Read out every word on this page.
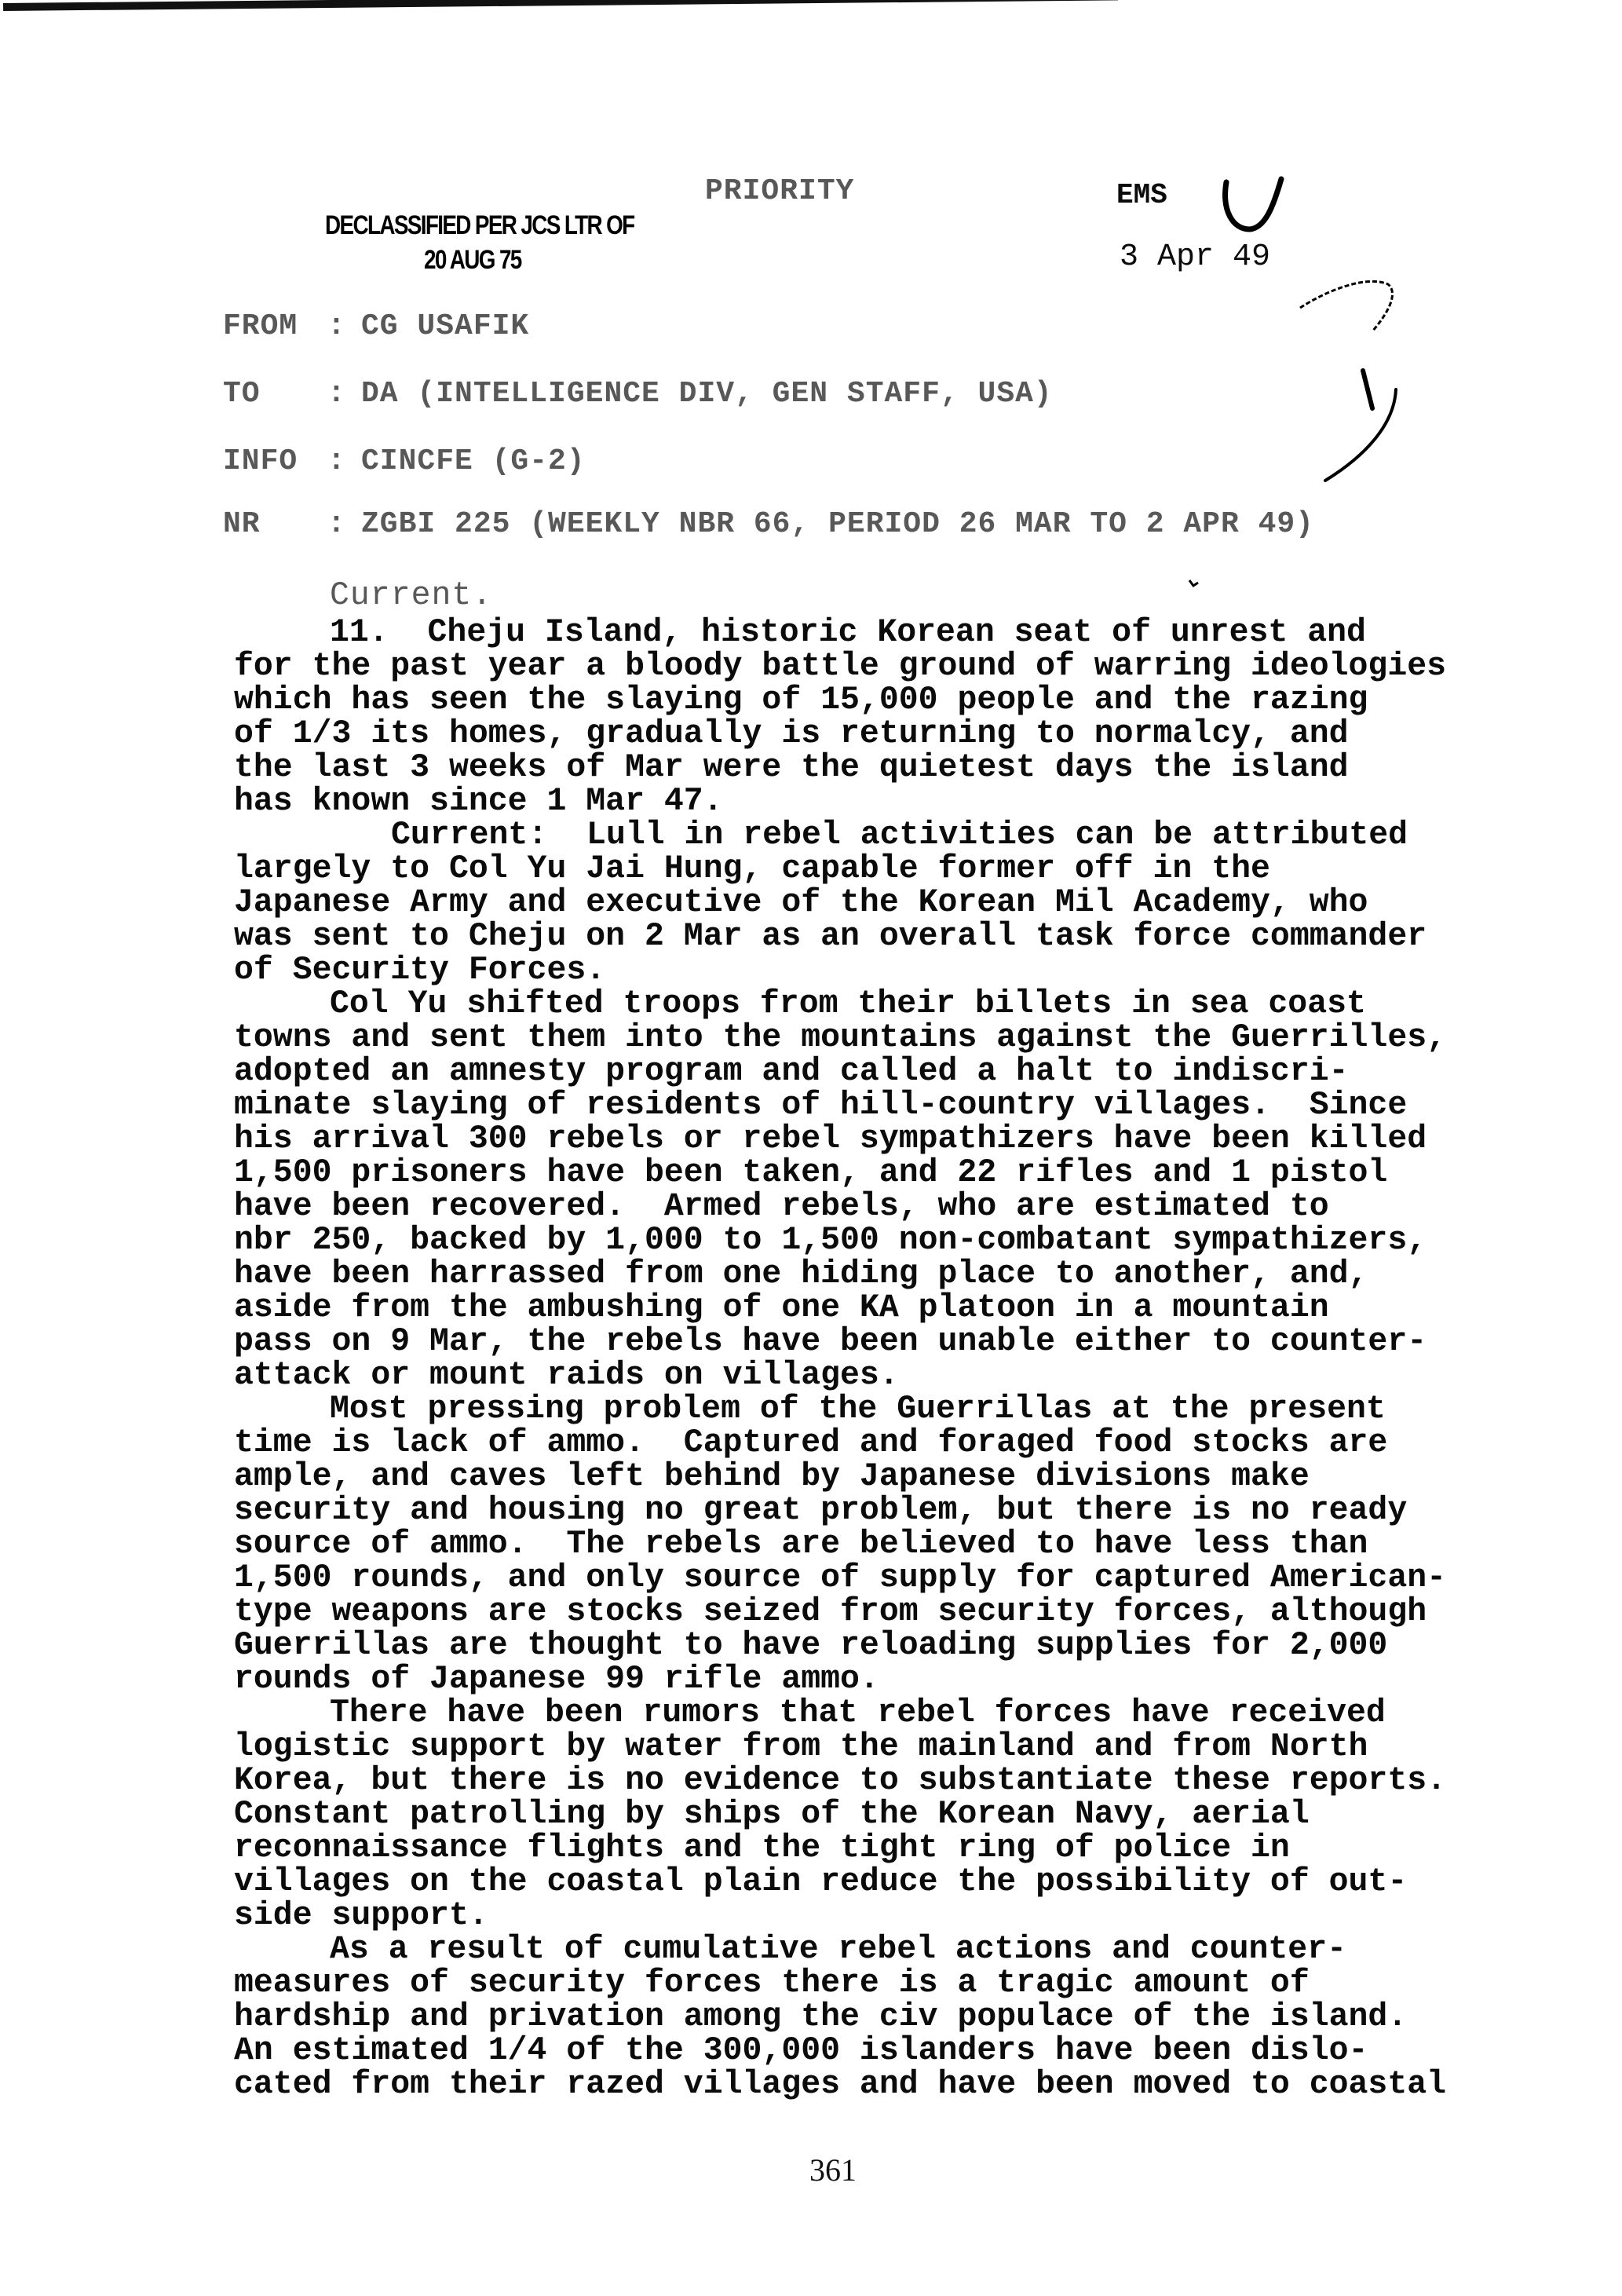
DECLASSIFIED PER JCS LTR OF
20 AUG 75
PRIORITY	EMS
3 Apr 49
FROM : CG USAFIK
TO : DA (INTELLIGENCE DIV, GEN STAFF, USA)
INFO : CINCFE (G-2)
NR : ZGBI 225 (WEEKLY NBR 66, PERIOD 26 MAR TO 2 APR 49)
Current.
11.  Cheju Island, historic Korean seat of unrest and
for the past year a bloody battle ground of warring ideologies
which has seen the slaying of 15,000 people and the razing
of 1/3 its homes, gradually is returning to normalcy, and
the last 3 weeks of Mar were the quietest days the island
has known since 1 Mar 47.
Current:  Lull in rebel activities can be attributed
largely to Col Yu Jai Hung, capable former off in the
Japanese Army and executive of the Korean Mil Academy, who
was sent to Cheju on 2 Mar as an overall task force commander
of Security Forces.
Col Yu shifted troops from their billets in sea coast
towns and sent them into the mountains against the Guerrilles,
adopted an amnesty program and called a halt to indiscri-
minate slaying of residents of hill-country villages.  Since
his arrival 300 rebels or rebel sympathizers have been killed
1,500 prisoners have been taken, and 22 rifles and 1 pistol
have been recovered.  Armed rebels, who are estimated to
nbr 250, backed by 1,000 to 1,500 non-combatant sympathizers,
have been harrassed from one hiding place to another, and,
aside from the ambushing of one KA platoon in a mountain
pass on 9 Mar, the rebels have been unable either to counter-
attack or mount raids on villages.
Most pressing problem of the Guerrillas at the present
time is lack of ammo.  Captured and foraged food stocks are
ample, and caves left behind by Japanese divisions make
security and housing no great problem, but there is no ready
source of ammo.  The rebels are believed to have less than
1,500 rounds, and only source of supply for captured American-
type weapons are stocks seized from security forces, although
Guerrillas are thought to have reloading supplies for 2,000
rounds of Japanese 99 rifle ammo.
There have been rumors that rebel forces have received
logistic support by water from the mainland and from North
Korea, but there is no evidence to substantiate these reports.
Constant patrolling by ships of the Korean Navy, aerial
reconnaissance flights and the tight ring of police in
villages on the coastal plain reduce the possibility of out-
side support.
As a result of cumulative rebel actions and counter-
measures of security forces there is a tragic amount of
hardship and privation among the civ populace of the island.
An estimated 1/4 of the 300,000 islanders have been dislo-
cated from their razed villages and have been moved to coastal
361
